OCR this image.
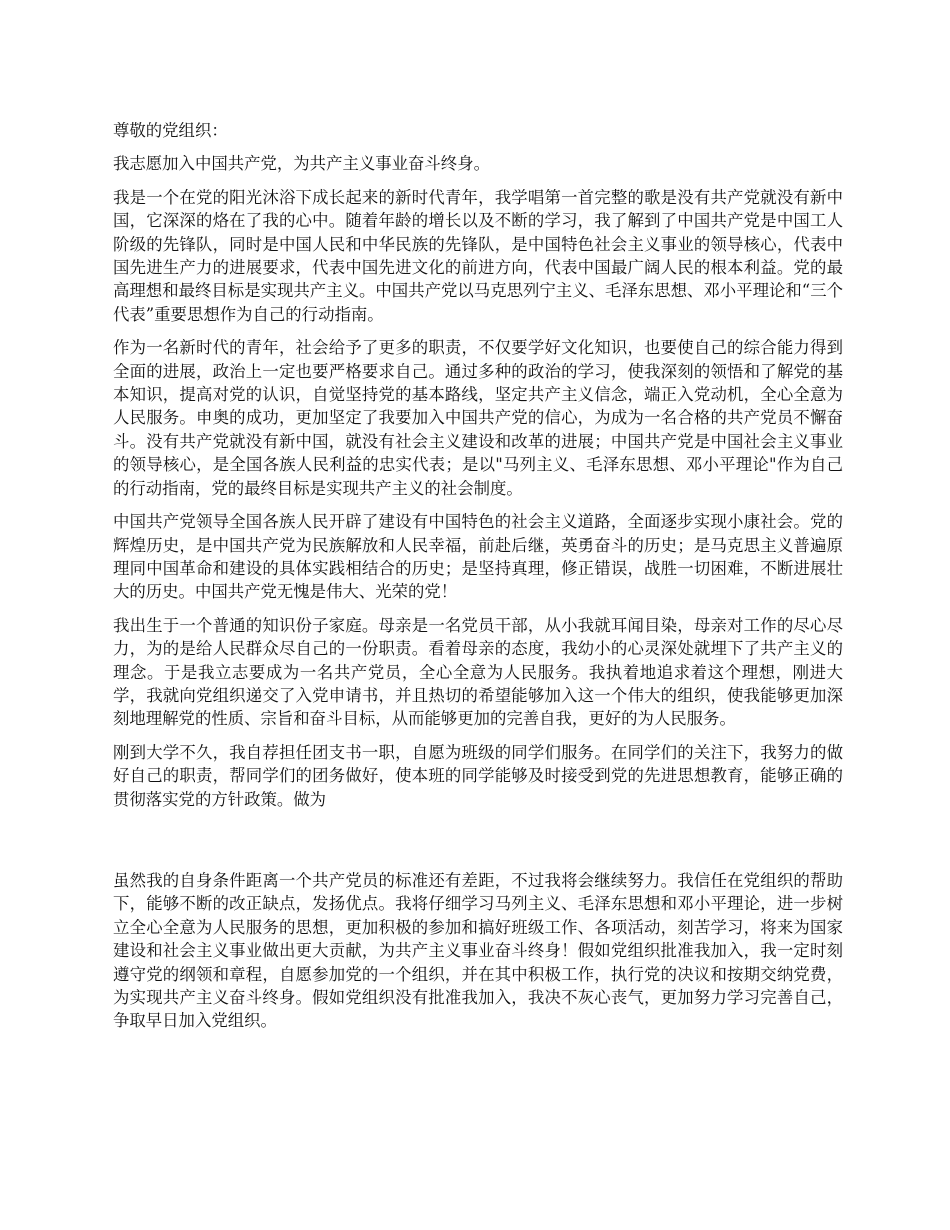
尊敬的党组织：

我志愿加入中国共产党，为共产主义事业奋斗终身。

我是一个在党的阳光沐浴下成长起来的新时代青年，我学唱第一首完整的歌是没有共产党就没有新中国，它深深的烙在了我的心中。随着年龄的增长以及不断的学习，我了解到了中国共产党是中国工人阶级的先锋队，同时是中国人民和中华民族的先锋队，是中国特色社会主义事业的领导核心，代表中国先进生产力的进展要求，代表中国先进文化的前进方向，代表中国最广阔人民的根本利益。党的最高理想和最终目标是实现共产主义。中国共产党以马克思列宁主义、毛泽东思想、邓小平理论和“三个代表”重要思想作为自己的行动指南。

作为一名新时代的青年，社会给予了更多的职责，不仅要学好文化知识，也要使自己的综合能力得到全面的进展，政治上一定也要严格要求自己。通过多种的政治的学习，使我深刻的领悟和了解党的基本知识，提高对党的认识，自觉坚持党的基本路线，坚定共产主义信念，端正入党动机，全心全意为人民服务。申奥的成功，更加坚定了我要加入中国共产党的信心，为成为一名合格的共产党员不懈奋斗。没有共产党就没有新中国，就没有社会主义建设和改革的进展；中国共产党是中国社会主义事业的领导核心，是全国各族人民利益的忠实代表；是以"马列主义、毛泽东思想、邓小平理论"作为自己的行动指南，党的最终目标是实现共产主义的社会制度。

中国共产党领导全国各族人民开辟了建设有中国特色的社会主义道路，全面逐步实现小康社会。党的辉煌历史，是中国共产党为民族解放和人民幸福，前赴后继，英勇奋斗的历史；是马克思主义普遍原理同中国革命和建设的具体实践相结合的历史；是坚持真理，修正错误，战胜一切困难，不断进展壮大的历史。中国共产党无愧是伟大、光荣的党！

我出生于一个普通的知识份子家庭。母亲是一名党员干部，从小我就耳闻目染，母亲对工作的尽心尽力，为的是给人民群众尽自己的一份职责。看着母亲的态度，我幼小的心灵深处就埋下了共产主义的理念。于是我立志要成为一名共产党员，全心全意为人民服务。我执着地追求着这个理想，刚进大学，我就向党组织递交了入党申请书，并且热切的希望能够加入这一个伟大的组织，使我能够更加深刻地理解党的性质、宗旨和奋斗目标，从而能够更加的完善自我，更好的为人民服务。

刚到大学不久，我自荐担任团支书一职，自愿为班级的同学们服务。在同学们的关注下，我努力的做好自己的职责，帮同学们的团务做好，使本班的同学能够及时接受到党的先进思想教育，能够正确的贯彻落实党的方针政策。做为

虽然我的自身条件距离一个共产党员的标准还有差距，不过我将会继续努力。我信任在党组织的帮助下，能够不断的改正缺点，发扬优点。我将仔细学习马列主义、毛泽东思想和邓小平理论，进一步树立全心全意为人民服务的思想，更加积极的参加和搞好班级工作、各项活动，刻苦学习，将来为国家建设和社会主义事业做出更大贡献，为共产主义事业奋斗终身！假如党组织批准我加入，我一定时刻遵守党的纲领和章程，自愿参加党的一个组织，并在其中积极工作，执行党的决议和按期交纳党费，为实现共产主义奋斗终身。假如党组织没有批准我加入，我决不灰心丧气，更加努力学习完善自己，争取早日加入党组织。
